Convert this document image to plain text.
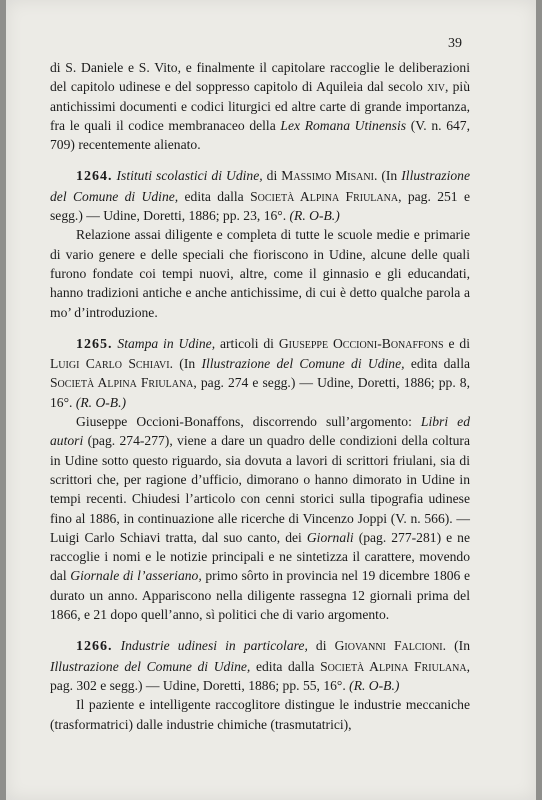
39

di S. Daniele e S. Vito, e finalmente il capitolare raccoglie le deliberazioni del capitolo udinese e del soppresso capitolo di Aquileia dal secolo xiv, più antichissimi documenti e codici liturgici ed altre carte di grande importanza, fra le quali il codice membranaceo della Lex Romana Utinensis (V. n. 647, 709) recentemente alienato.

1264. Istituti scolastici di Udine, di Massimo Misani. (In Illustrazione del Comune di Udine, edita dalla Società Alpina Friulana, pag. 251 e segg.) — Udine, Doretti, 1886; pp. 23, 16°. (R. O-B.)

Relazione assai diligente e completa di tutte le scuole medie e primarie di vario genere e delle speciali che fioriscono in Udine, alcune delle quali furono fondate coi tempi nuovi, altre, come il ginnasio e gli educandati, hanno tradizioni antiche e anche antichissime, di cui è detto qualche parola a mo’ d’introduzione.

1265. Stampa in Udine, articoli di Giuseppe Occioni-Bonaffons e di Luigi Carlo Schiavi. (In Illustrazione del Comune di Udine, edita dalla Società Alpina Friulana, pag. 274 e segg.) — Udine, Doretti, 1886; pp. 8, 16°. (R. O-B.)

Giuseppe Occioni-Bonaffons, discorrendo sull’argomento: Libri ed autori (pag. 274-277), viene a dare un quadro delle condizioni della coltura in Udine sotto questo riguardo, sia dovuta a lavori di scrittori friulani, sia di scrittori che, per ragione d’ufficio, dimorano o hanno dimorato in Udine in tempi recenti. Chiudesi l’articolo con cenni storici sulla tipografia udinese fino al 1886, in continuazione alle ricerche di Vincenzo Joppi (V. n. 566). — Luigi Carlo Schiavi tratta, dal suo canto, dei Giornali (pag. 277-281) e ne raccoglie i nomi e le notizie principali e ne sintetizza il carattere, movendo dal Giornale di l’asseriano, primo sôrto in provincia nel 19 dicembre 1806 e durato un anno. Appariscono nella diligente rassegna 12 giornali prima del 1866, e 21 dopo quell’anno, sì politici che di vario argomento.

1266. Industrie udinesi in particolare, di Giovanni Falcioni. (In Illustrazione del Comune di Udine, edita dalla Società Alpina Friulana, pag. 302 e segg.) — Udine, Doretti, 1886; pp. 55, 16°. (R. O-B.)

Il paziente e intelligente raccoglitore distingue le industrie meccaniche (trasformatrici) dalle industrie chimiche (trasmutatrici),
